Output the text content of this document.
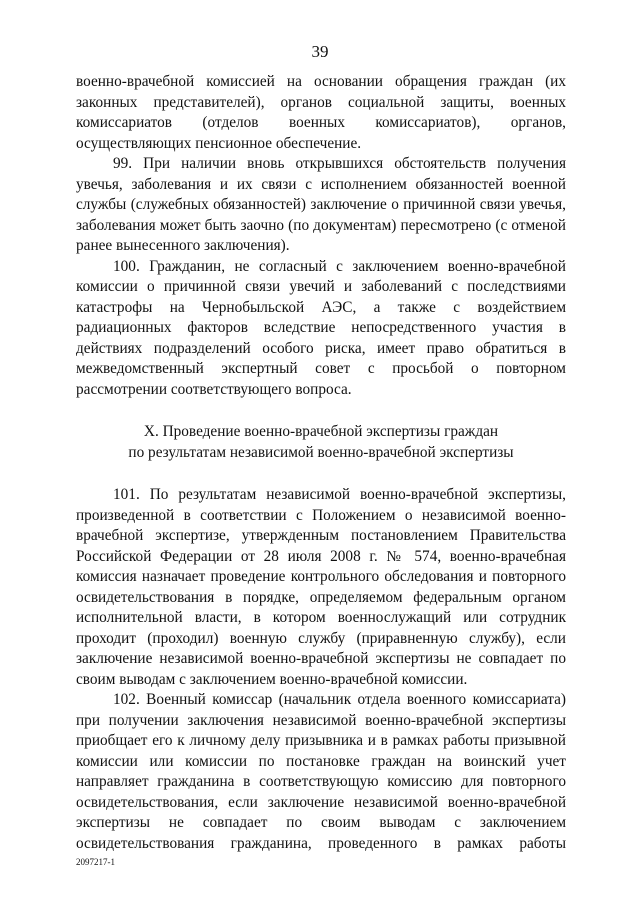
39

военно-врачебной комиссией на основании обращения граждан (их законных представителей), органов социальной защиты, военных комиссариатов (отделов военных комиссариатов), органов, осуществляющих пенсионное обеспечение.

99. При наличии вновь открывшихся обстоятельств получения увечья, заболевания и их связи с исполнением обязанностей военной службы (служебных обязанностей) заключение о причинной связи увечья, заболевания может быть заочно (по документам) пересмотрено (с отменой ранее вынесенного заключения).

100. Гражданин, не согласный с заключением военно-врачебной комиссии о причинной связи увечий и заболеваний с последствиями катастрофы на Чернобыльской АЭС, а также с воздействием радиационных факторов вследствие непосредственного участия в действиях подразделений особого риска, имеет право обратиться в межведомственный экспертный совет с просьбой о повторном рассмотрении соответствующего вопроса.

X. Проведение военно-врачебной экспертизы граждан
по результатам независимой военно-врачебной экспертизы

101. По результатам независимой военно-врачебной экспертизы, произведенной в соответствии с Положением о независимой военно-врачебной экспертизе, утвержденным постановлением Правительства Российской Федерации от 28 июля 2008 г. № 574, военно-врачебная комиссия назначает проведение контрольного обследования и повторного освидетельствования в порядке, определяемом федеральным органом исполнительной власти, в котором военнослужащий или сотрудник проходит (проходил) военную службу (приравненную службу), если заключение независимой военно-врачебной экспертизы не совпадает по своим выводам с заключением военно-врачебной комиссии.

102. Военный комиссар (начальник отдела военного комиссариата) при получении заключения независимой военно-врачебной экспертизы приобщает его к личному делу призывника и в рамках работы призывной комиссии или комиссии по постановке граждан на воинский учет направляет гражданина в соответствующую комиссию для повторного освидетельствования, если заключение независимой военно-врачебной экспертизы не совпадает по своим выводам с заключением освидетельствования гражданина, проведенного в рамках работы

2097217-1
